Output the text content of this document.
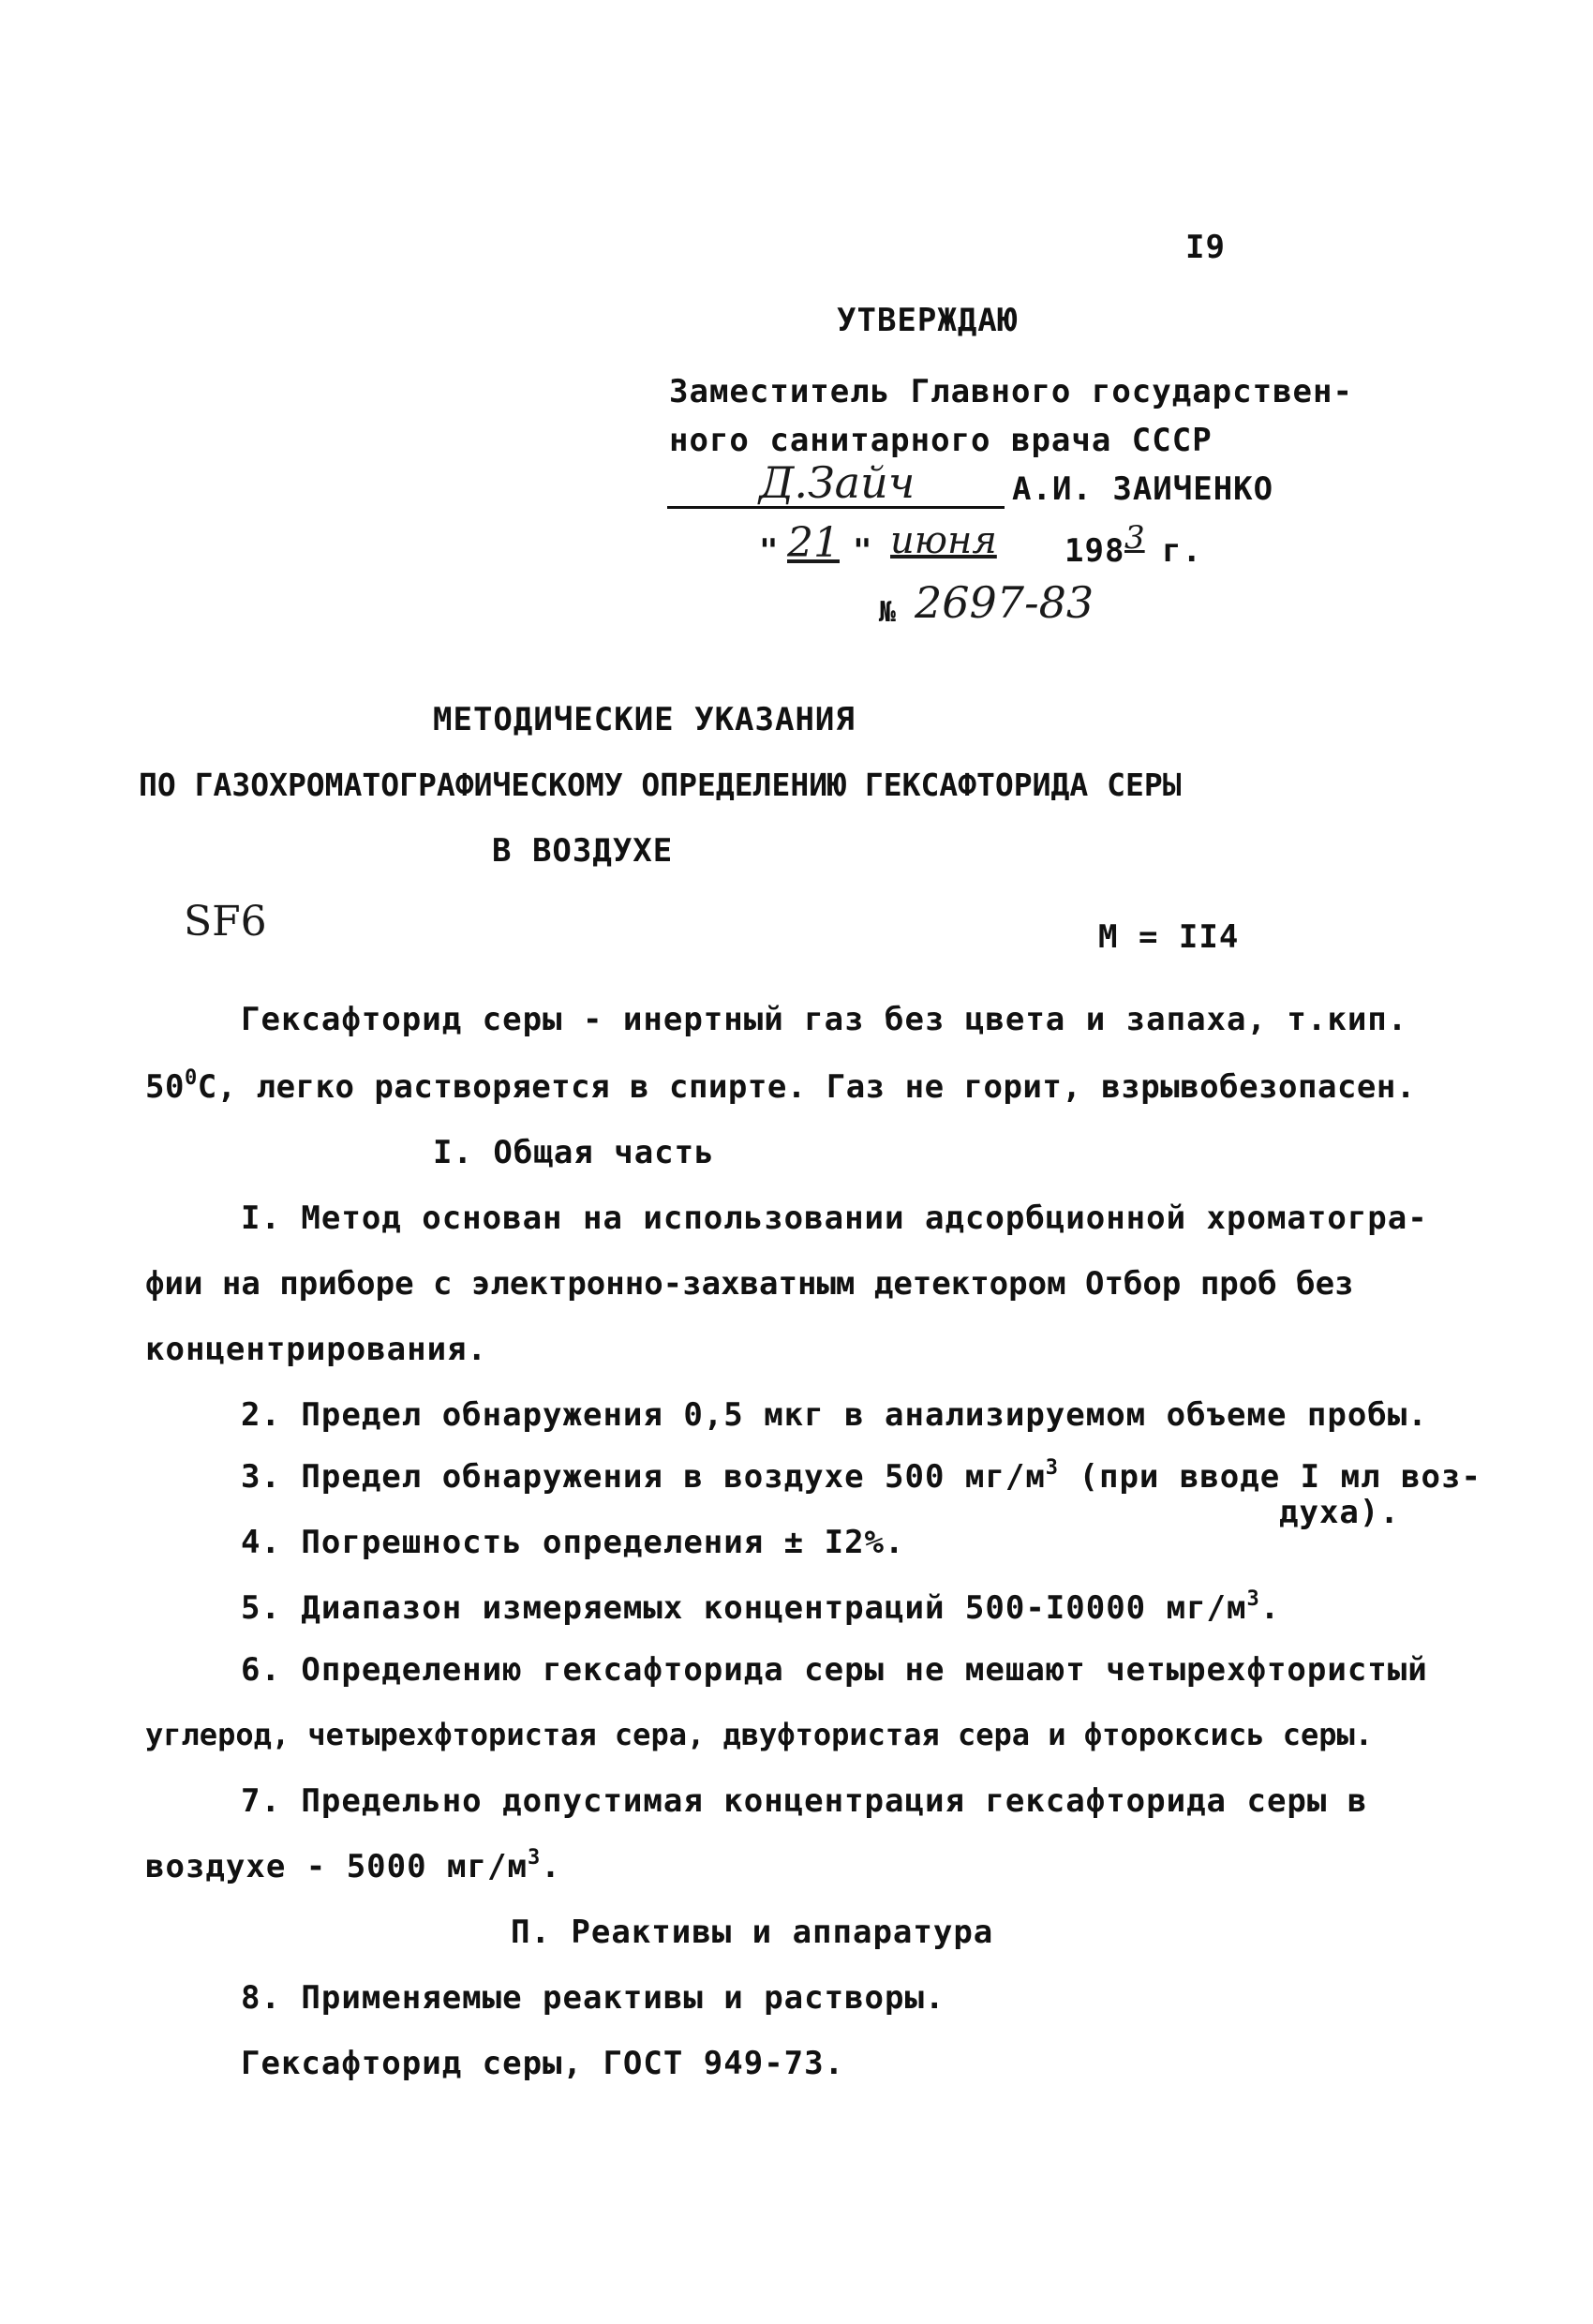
I9
УТВЕРЖДАЮ
Заместитель Главного государствен-
ного санитарного врача СССР
Д.Зайч	А.И. ЗАИЧЕНКО
" 21 " июня 198 3 г.
№ 2697-83
МЕТОДИЧЕСКИЕ УКАЗАНИЯ
ПО ГАЗОХРОМАТОГРАФИЧЕСКОМУ ОПРЕДЕЛЕНИЮ ГЕКСАФТОРИДА СЕРЫ
В ВОЗДУХЕ
SF6	М = II4
Гексафторид серы - инертный газ без цвета и запаха, т.кип.
$50^0С$, легко растворяется в спирте. Газ не горит, взрывобезопасен.
I. Общая часть
I. Метод основан на использовании адсорбционной хроматогра-
фии на приборе с электронно-захватным детектором Отбор проб без
концентрирования.
2. Предел обнаружения 0,5 мкг в анализируемом объеме пробы.
3. Предел обнаружения в воздухе 500 $мг/м^3$ (при вводе I мл воз-
духа).
4. Погрешность определения ± I2%.
5. Диапазон измеряемых концентраций 500-I0000 $мг/м^3$.
6. Определению гексафторида серы не мешают четырехфтористый
углерод, четырехфтористая сера, двуфтористая сера и фтороксись серы.
7. Предельно допустимая концентрация гексафторида серы в
воздухе - 5000 $мг/м^3$.
П. Реактивы и аппаратура
8. Применяемые реактивы и растворы.
Гексафторид серы, ГОСТ 949-73.
